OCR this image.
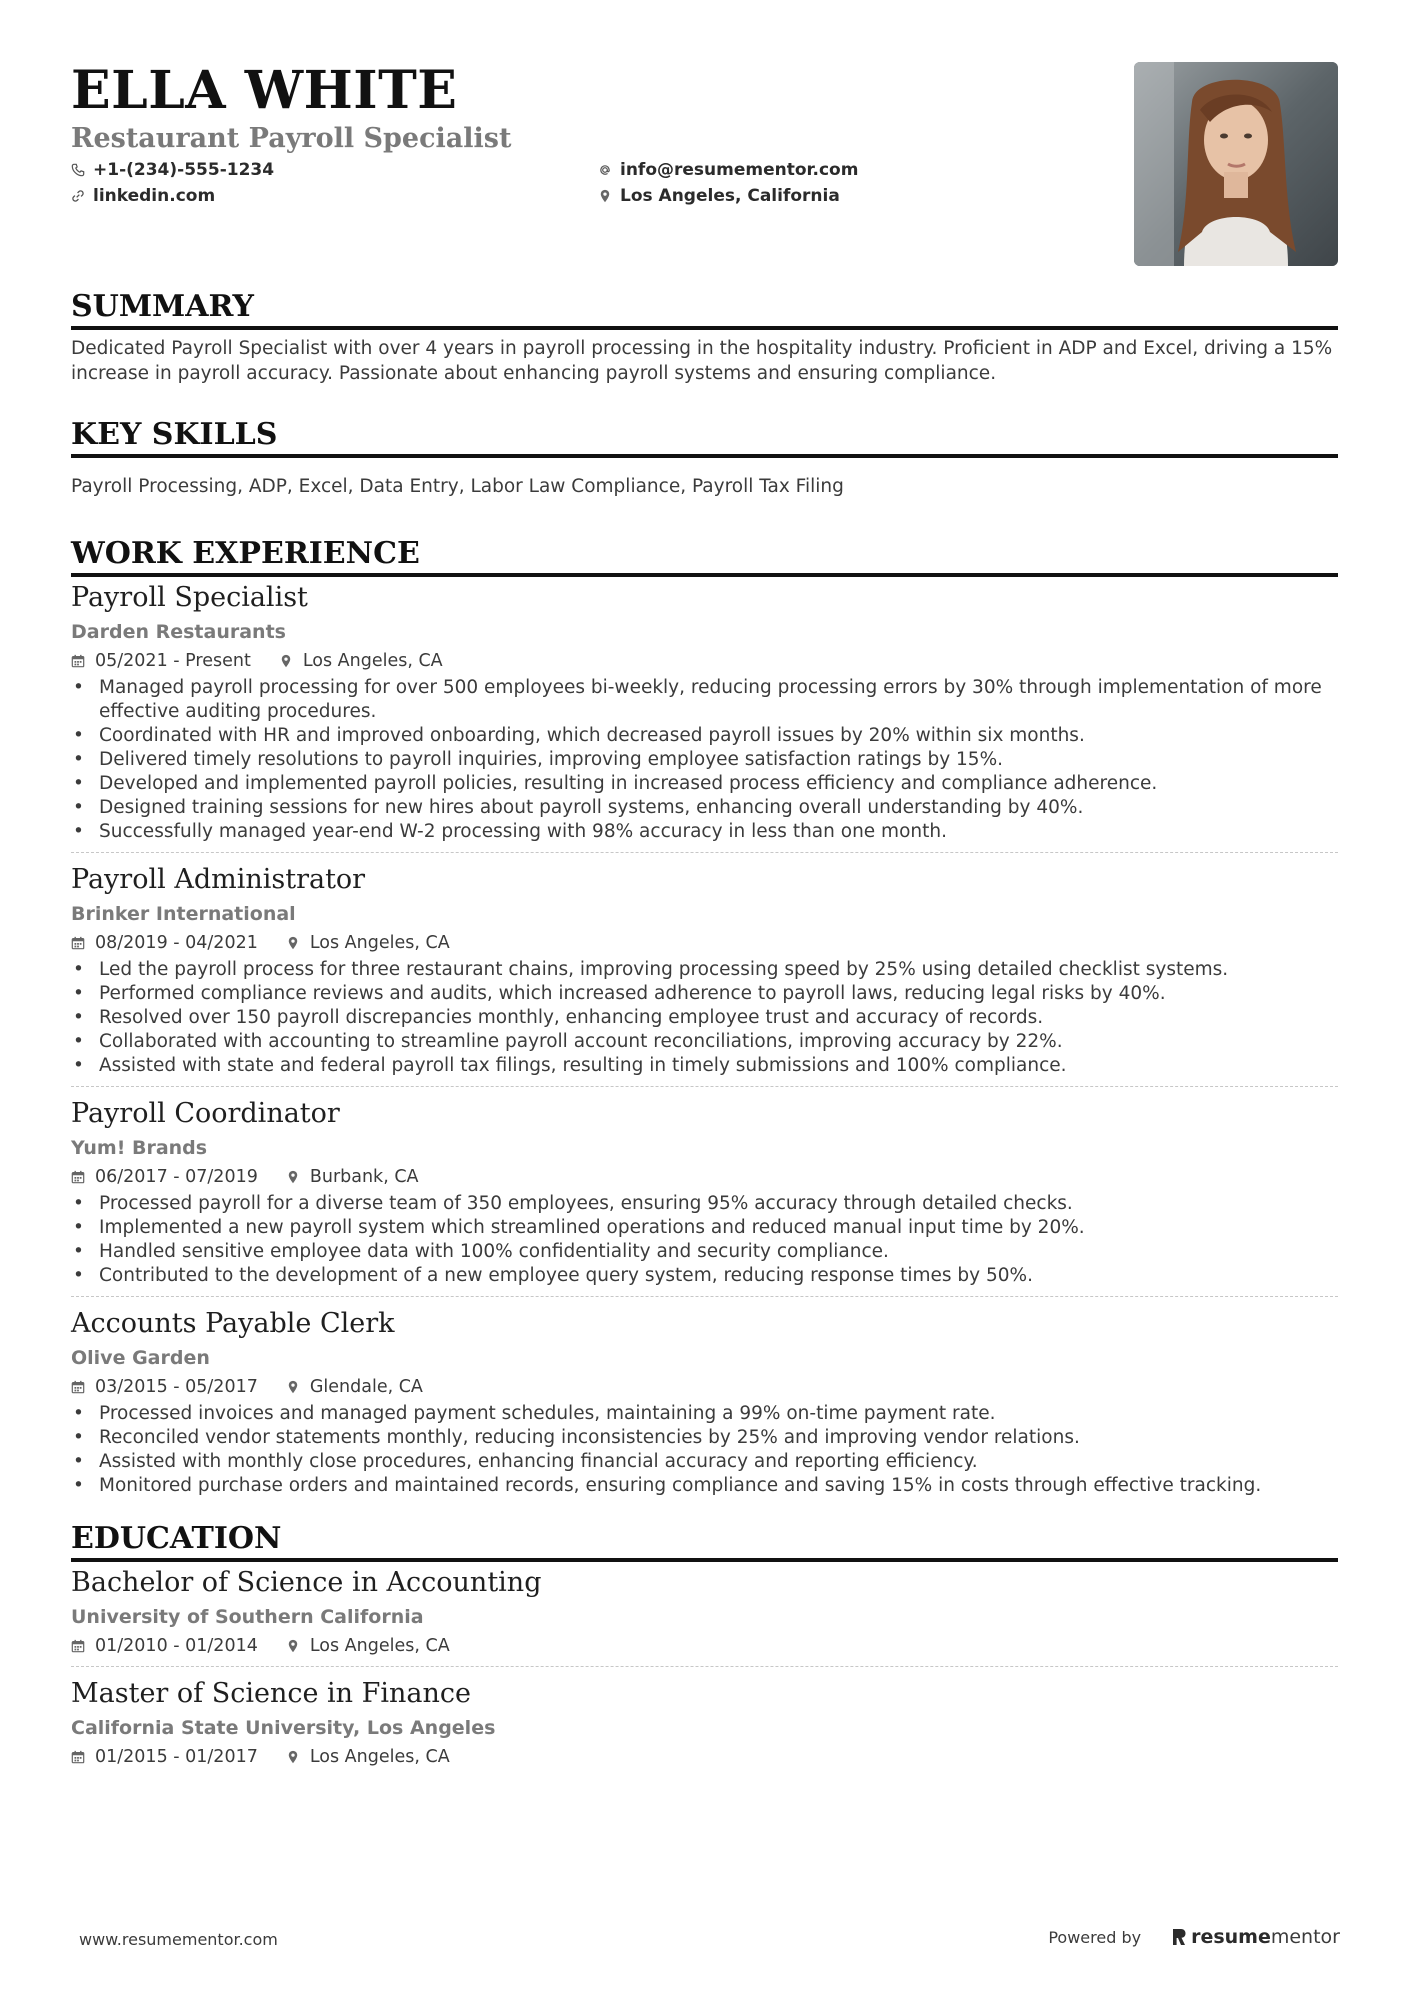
ELLA WHITE
Restaurant Payroll Specialist
+1-(234)-555-1234
linkedin.com
info@resumementor.com
Los Angeles, California
SUMMARY

Dedicated Payroll Specialist with over 4 years in payroll processing in the hospitality industry. Proficient in ADP and Excel, driving a 15% increase in payroll accuracy. Passionate about enhancing payroll systems and ensuring compliance.

KEY SKILLS

Payroll Processing, ADP, Excel, Data Entry, Labor Law Compliance, Payroll Tax Filing

WORK EXPERIENCE
Payroll Specialist
Darden Restaurants
05/2021 - Present	Los Angeles, CA
• Managed payroll processing for over 500 employees bi-weekly, reducing processing errors by 30% through implementation of more effective auditing procedures.
• Coordinated with HR and improved onboarding, which decreased payroll issues by 20% within six months.
• Delivered timely resolutions to payroll inquiries, improving employee satisfaction ratings by 15%.
• Developed and implemented payroll policies, resulting in increased process efficiency and compliance adherence.
• Designed training sessions for new hires about payroll systems, enhancing overall understanding by 40%.
• Successfully managed year-end W-2 processing with 98% accuracy in less than one month.
Payroll Administrator
Brinker International
08/2019 - 04/2021	Los Angeles, CA
• Led the payroll process for three restaurant chains, improving processing speed by 25% using detailed checklist systems.
• Performed compliance reviews and audits, which increased adherence to payroll laws, reducing legal risks by 40%.
• Resolved over 150 payroll discrepancies monthly, enhancing employee trust and accuracy of records.
• Collaborated with accounting to streamline payroll account reconciliations, improving accuracy by 22%.
• Assisted with state and federal payroll tax filings, resulting in timely submissions and 100% compliance.
Payroll Coordinator
Yum! Brands
06/2017 - 07/2019	Burbank, CA
• Processed payroll for a diverse team of 350 employees, ensuring 95% accuracy through detailed checks.
• Implemented a new payroll system which streamlined operations and reduced manual input time by 20%.
• Handled sensitive employee data with 100% confidentiality and security compliance.
• Contributed to the development of a new employee query system, reducing response times by 50%.
Accounts Payable Clerk
Olive Garden
03/2015 - 05/2017	Glendale, CA
• Processed invoices and managed payment schedules, maintaining a 99% on-time payment rate.
• Reconciled vendor statements monthly, reducing inconsistencies by 25% and improving vendor relations.
• Assisted with monthly close procedures, enhancing financial accuracy and reporting efficiency.
• Monitored purchase orders and maintained records, ensuring compliance and saving 15% in costs through effective tracking.
EDUCATION
Bachelor of Science in Accounting
University of Southern California
01/2010 - 01/2014	Los Angeles, CA
Master of Science in Finance
California State University, Los Angeles
01/2015 - 01/2017	Los Angeles, CA
www.resumementor.com	Powered by	resume mentor
